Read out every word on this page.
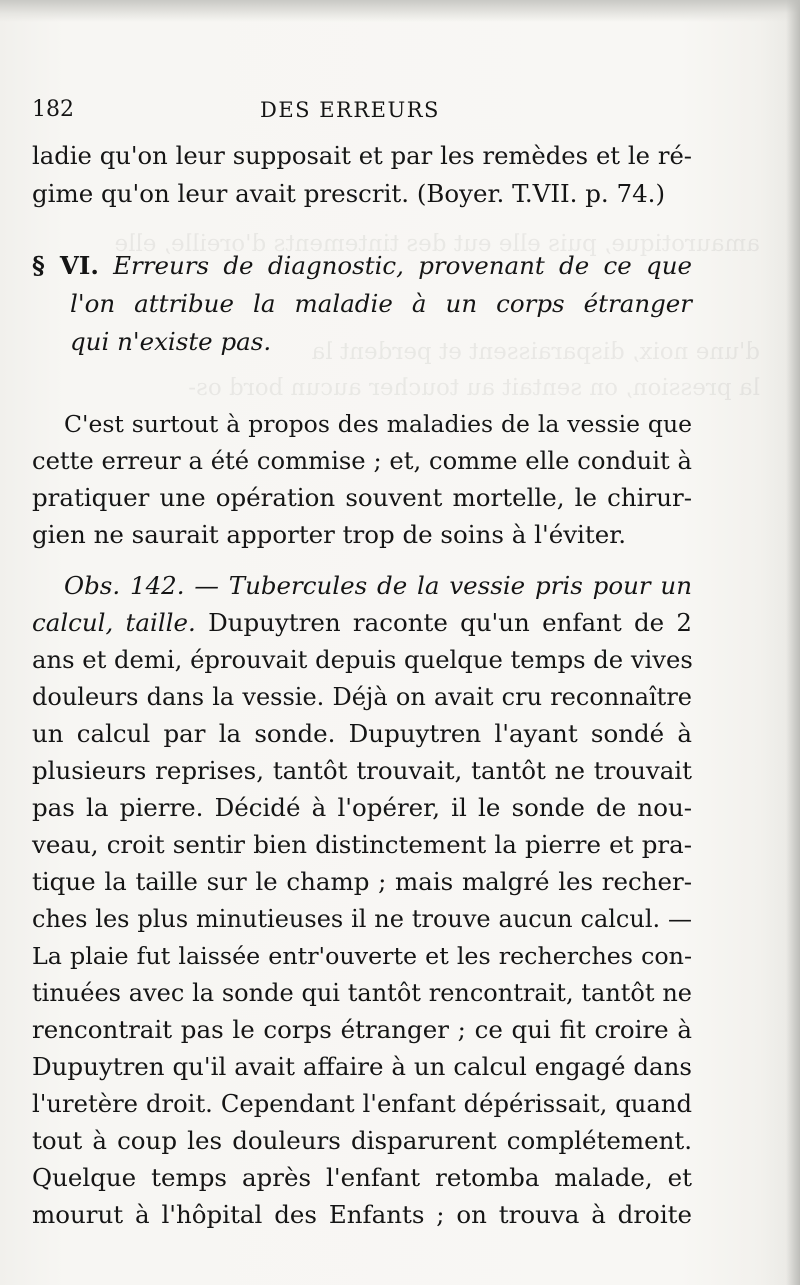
amaurotique, puis elle eut des tintements d'oreille, elle
d'une noix, disparaissent et perdent la
la pression, on sentait au toucher aucun bord os-
182	DES ERREURS
ladie qu'on leur supposait et par les remèdes et le ré-
gime qu'on leur avait prescrit. (Boyer. T.VII. p. 74.)
§ VI. Erreurs de diagnostic, provenant de ce que
l'on attribue la maladie à un corps étranger
qui n'existe pas.
C'est surtout à propos des maladies de la vessie que
cette erreur a été commise ; et, comme elle conduit à
pratiquer une opération souvent mortelle, le chirur-
gien ne saurait apporter trop de soins à l'éviter.
Obs. 142. — Tubercules de la vessie pris pour un
calcul, taille. Dupuytren raconte qu'un enfant de 2
ans et demi, éprouvait depuis quelque temps de vives
douleurs dans la vessie. Déjà on avait cru reconnaître
un calcul par la sonde. Dupuytren l'ayant sondé à
plusieurs reprises, tantôt trouvait, tantôt ne trouvait
pas la pierre. Décidé à l'opérer, il le sonde de nou-
veau, croit sentir bien distinctement la pierre et pra-
tique la taille sur le champ ; mais malgré les recher-
ches les plus minutieuses il ne trouve aucun calcul. —
La plaie fut laissée entr'ouverte et les recherches con-
tinuées avec la sonde qui tantôt rencontrait, tantôt ne
rencontrait pas le corps étranger ; ce qui fit croire à
Dupuytren qu'il avait affaire à un calcul engagé dans
l'uretère droit. Cependant l'enfant dépérissait, quand
tout à coup les douleurs disparurent complétement.
Quelque temps après l'enfant retomba malade, et
mourut à l'hôpital des Enfants ; on trouva à droite
